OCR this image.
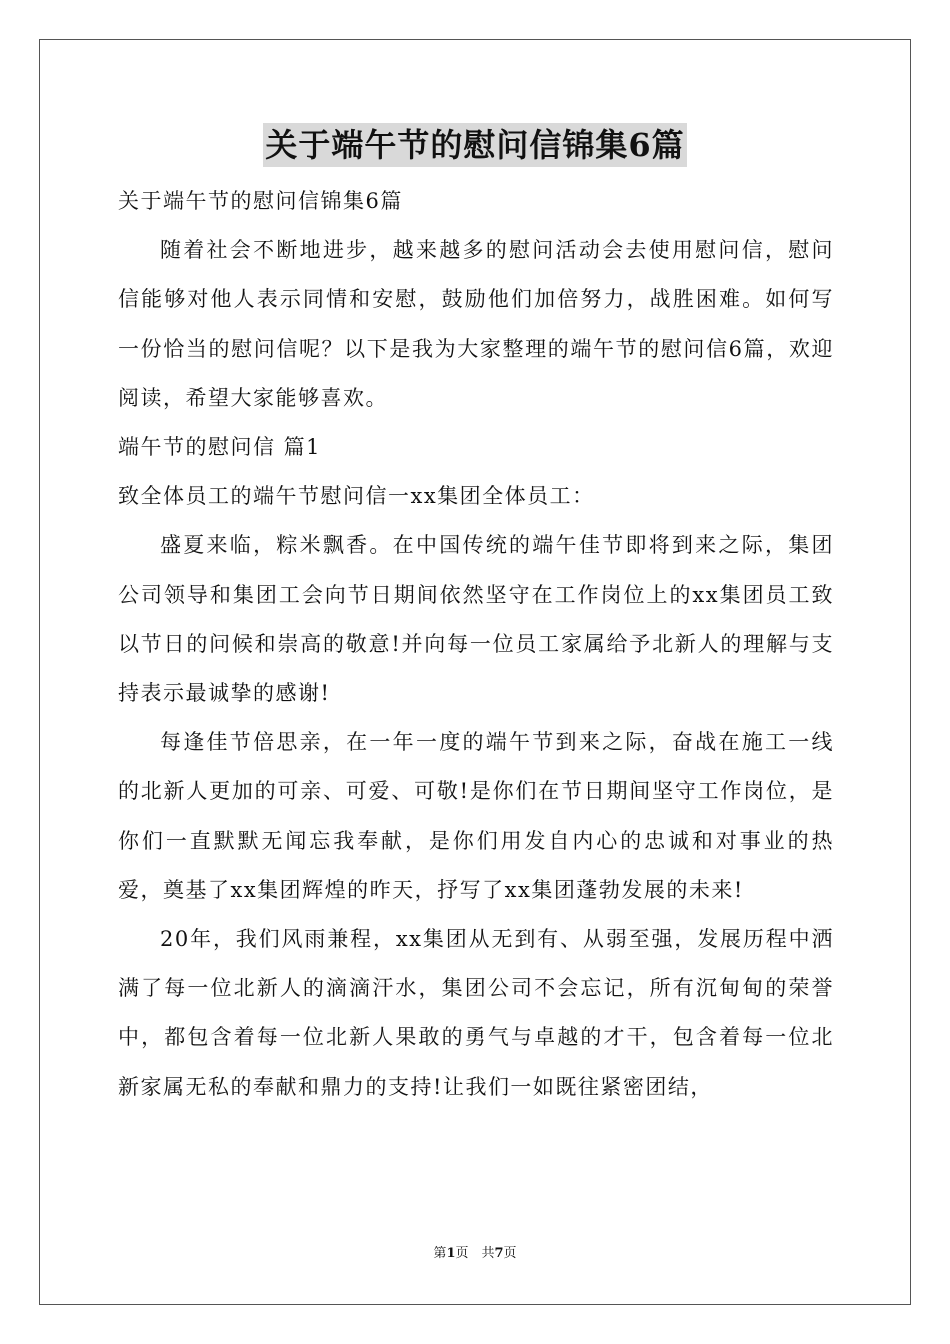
关于端午节的慰问信锦集6篇

关于端午节的慰问信锦集6篇

随着社会不断地进步，越来越多的慰问活动会去使用慰问信，慰问信能够对他人表示同情和安慰，鼓励他们加倍努力，战胜困难。如何写一份恰当的慰问信呢？以下是我为大家整理的端午节的慰问信6篇，欢迎阅读，希望大家能够喜欢。

端午节的慰问信 篇1

致全体员工的端午节慰问信一xx集团全体员工：

盛夏来临，粽米飘香。在中国传统的端午佳节即将到来之际，集团公司领导和集团工会向节日期间依然坚守在工作岗位上的xx集团员工致以节日的问候和崇高的敬意!并向每一位员工家属给予北新人的理解与支持表示最诚挚的感谢!

每逢佳节倍思亲，在一年一度的端午节到来之际，奋战在施工一线的北新人更加的可亲、可爱、可敬!是你们在节日期间坚守工作岗位，是你们一直默默无闻忘我奉献，是你们用发自内心的忠诚和对事业的热爱，奠基了xx集团辉煌的昨天，抒写了xx集团蓬勃发展的未来!

20年，我们风雨兼程，xx集团从无到有、从弱至强，发展历程中洒满了每一位北新人的滴滴汗水，集团公司不会忘记，所有沉甸甸的荣誉中，都包含着每一位北新人果敢的勇气与卓越的才干，包含着每一位北新家属无私的奉献和鼎力的支持!让我们一如既往紧密团结，

第1页　共7页
